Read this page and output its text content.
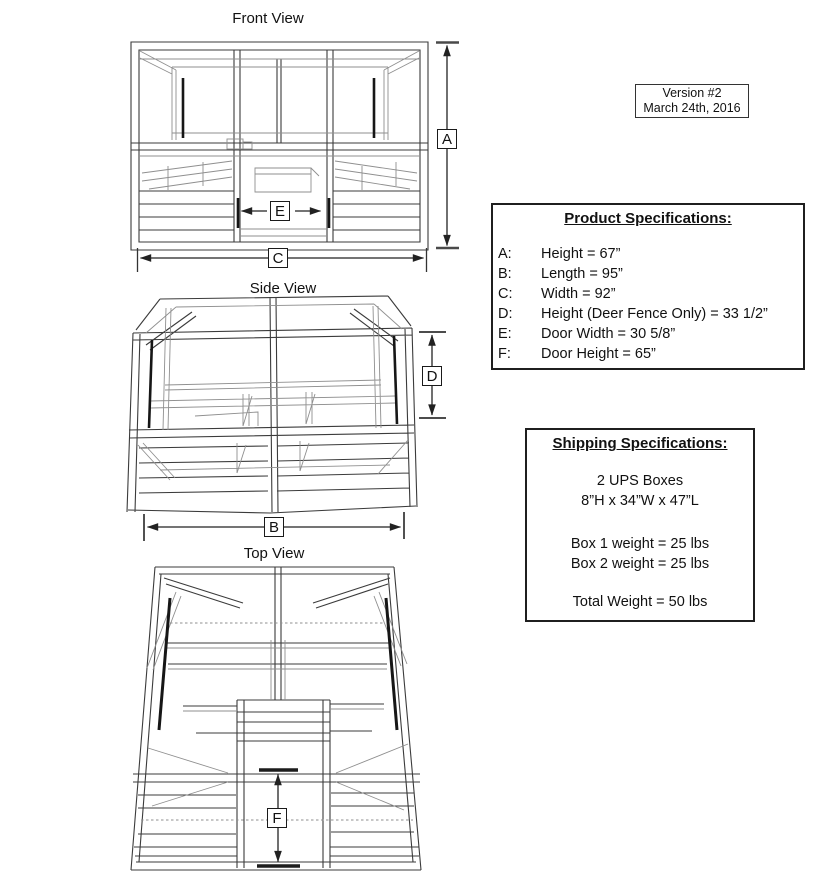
Front View
Side View
Top View
A
E
C
D
B
F
Version #2
March 24th, 2016
Product Specifications:
A:	Height = 67”
B:	Length = 95”
C:	Width = 92”
D:	Height (Deer Fence Only) = 33 1/2”
E:	Door Width = 30 5/8”
F:	Door Height = 65”
Shipping Specifications:
2 UPS Boxes
8”H x 34”W x 47”L
Box 1 weight = 25 lbs
Box 2 weight = 25 lbs
Total Weight = 50 lbs
